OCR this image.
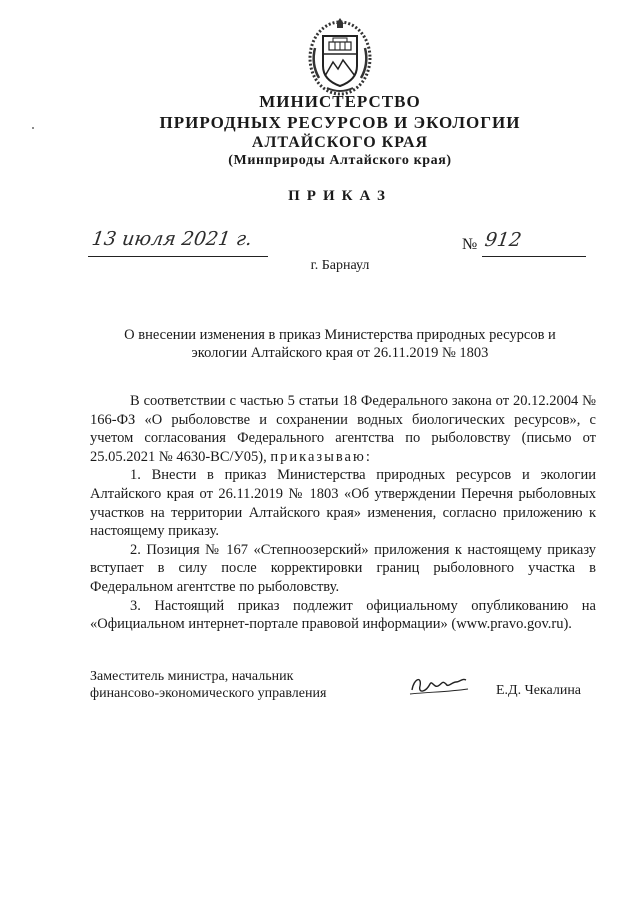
МИНИСТЕРСТВО
ПРИРОДНЫХ РЕСУРСОВ И ЭКОЛОГИИ
АЛТАЙСКОГО КРАЯ
(Минприроды Алтайского края)
ПРИКАЗ
13 июля 2021 г.	№ 912
г. Барнаул
О внесении изменения в приказ Министерства природных ресурсов и экологии Алтайского края от 26.11.2019 № 1803

В соответствии с частью 5 статьи 18 Федерального закона от 20.12.2004 № 166-ФЗ «О рыболовстве и сохранении водных биологических ресурсов», с учетом согласования Федерального агентства по рыболовству (письмо от 25.05.2021 № 4630-ВС/У05), приказываю:

1. Внести в приказ Министерства природных ресурсов и экологии Алтайского края от 26.11.2019 № 1803 «Об утверждении Перечня рыболовных участков на территории Алтайского края» изменения, согласно приложению к настоящему приказу.

2. Позиция № 167 «Степноозерский» приложения к настоящему приказу вступает в силу после корректировки границ рыболовного участка в Федеральном агентстве по рыболовству.

3. Настоящий приказ подлежит официальному опубликованию на «Официальном интернет-портале правовой информации» (www.pravo.gov.ru).

Заместитель министра, начальник
финансово-экономического управления	Е.Д. Чекалина
